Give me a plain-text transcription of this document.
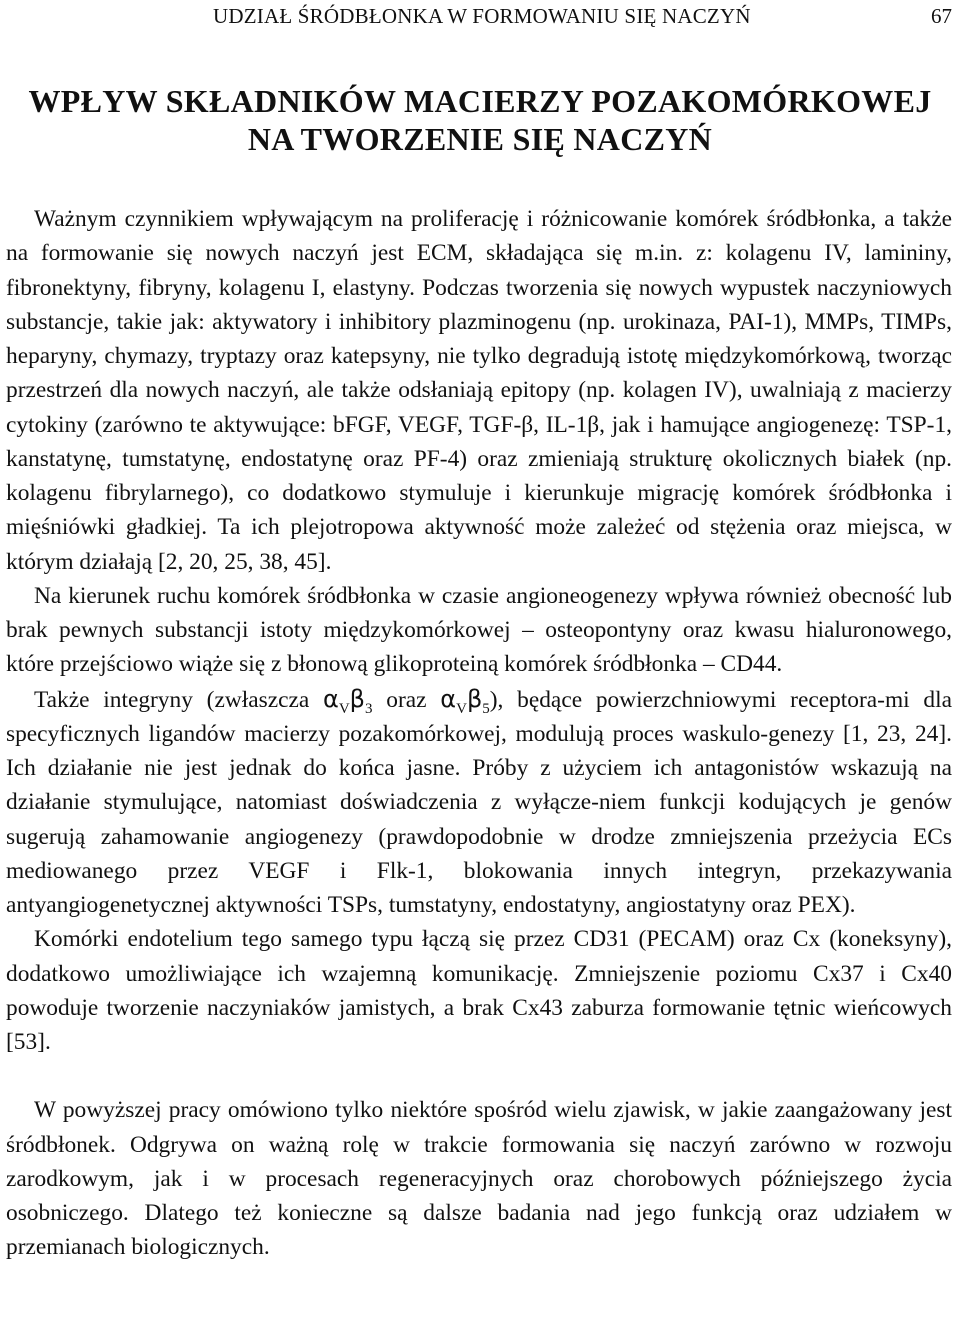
UDZIAŁ ŚRÓDBŁONKA W FORMOWANIU SIĘ NACZYŃ	67
WPŁYW SKŁADNIKÓW MACIERZY POZAKOMÓRKOWEJ
NA TWORZENIE SIĘ NACZYŃ

Ważnym czynnikiem wpływającym na proliferację i różnicowanie komórek śródbłonka, a także na formowanie się nowych naczyń jest ECM, składająca się m.in. z: kolagenu IV, lamininy, fibronektyny, fibryny, kolagenu I, elastyny. Podczas tworzenia się nowych wypustek naczyniowych substancje, takie jak: aktywatory i inhibitory plazminogenu (np. urokinaza, PAI-1), MMPs, TIMPs, heparyny, chymazy, tryptazy oraz katepsyny, nie tylko degradują istotę międzykomórkową, tworząc przestrzeń dla nowych naczyń, ale także odsłaniają epitopy (np. kolagen IV), uwalniają z macierzy cytokiny (zarówno te aktywujące: bFGF, VEGF, TGF-β, IL-1β, jak i hamujące angiogenezę: TSP-1, kanstatynę, tumstatynę, endostatynę oraz PF-4) oraz zmieniają strukturę okolicznych białek (np. kolagenu fibrylarnego), co dodatkowo stymuluje i kierunkuje migrację komórek śródbłonka i mięśniówki gładkiej. Ta ich plejotropowa aktywność może zależeć od stężenia oraz miejsca, w którym działają [2, 20, 25, 38, 45].

Na kierunek ruchu komórek śródbłonka w czasie angioneogenezy wpływa również obecność lub brak pewnych substancji istoty międzykomórkowej – osteopontyny oraz kwasu hialuronowego, które przejściowo wiąże się z błonową glikoproteiną komórek śródbłonka – CD44.

Także integryny (zwłaszcza $\alpha_V\beta_3$ oraz $\alpha_V\beta_5$), będące powierzchniowymi receptora-mi dla specyficznych ligandów macierzy pozakomórkowej, modulują proces waskulo-genezy [1, 23, 24]. Ich działanie nie jest jednak do końca jasne. Próby z użyciem ich antagonistów wskazują na działanie stymulujące, natomiast doświadczenia z wyłącze-niem funkcji kodujących je genów sugerują zahamowanie angiogenezy (prawdopodobnie w drodze zmniejszenia przeżycia ECs mediowanego przez VEGF i Flk-1, blokowania innych integryn, przekazywania antyangiogenetycznej aktywności TSPs, tumstatyny, endostatyny, angiostatyny oraz PEX).

Komórki endotelium tego samego typu łączą się przez CD31 (PECAM) oraz Cx (koneksyny), dodatkowo umożliwiające ich wzajemną komunikację. Zmniejszenie poziomu Cx37 i Cx40 powoduje tworzenie naczyniaków jamistych, a brak Cx43 zaburza formowanie tętnic wieńcowych [53].

W powyższej pracy omówiono tylko niektóre spośród wielu zjawisk, w jakie zaangażowany jest śródbłonek. Odgrywa on ważną rolę w trakcie formowania się naczyń zarówno w rozwoju zarodkowym, jak i w procesach regeneracyjnych oraz chorobowych późniejszego życia osobniczego. Dlatego też konieczne są dalsze badania nad jego funkcją oraz udziałem w przemianach biologicznych.
